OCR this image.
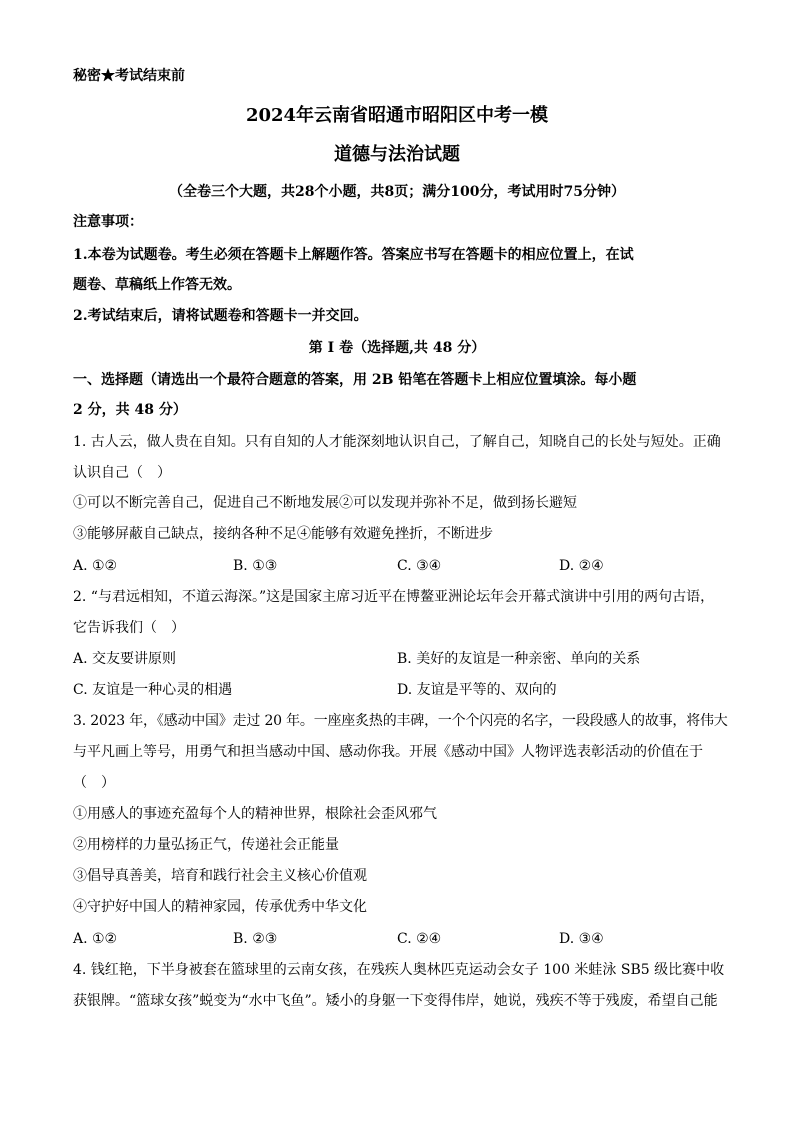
秘密★考试结束前
2024年云南省昭通市昭阳区中考一模
道德与法治试题
（全卷三个大题，共28个小题，共8页；满分100分，考试用时75分钟）
注意事项：
1.本卷为试题卷。考生必须在答题卡上解题作答。答案应书写在答题卡的相应位置上，在试
题卷、草稿纸上作答无效。
2.考试结束后，请将试题卷和答题卡一并交回。
第 I 卷（选择题,共 48 分）
一、选择题（请选出一个最符合题意的答案，用 2B 铅笔在答题卡上相应位置填涂。每小题
2 分，共 48 分）
1. 古人云，做人贵在自知。只有自知的人才能深刻地认识自己，了解自己，知晓自己的长处与短处。正确
认识自己（　）
①可以不断完善自己，促进自己不断地发展②可以发现并弥补不足，做到扬长避短
③能够屏蔽自己缺点，接纳各种不足④能够有效避免挫折，不断进步
A. ①②	B. ①③	C. ③④	D. ②④
2. “与君远相知，不道云海深。”这是国家主席习近平在博鳌亚洲论坛年会开幕式演讲中引用的两句古语，
它告诉我们（　）
A. 交友要讲原则	B. 美好的友谊是一种亲密、单向的关系
C. 友谊是一种心灵的相遇	D. 友谊是平等的、双向的
3. 2023 年，《感动中国》走过 20 年。一座座炙热的丰碑，一个个闪亮的名字，一段段感人的故事，将伟大
与平凡画上等号，用勇气和担当感动中国、感动你我。开展《感动中国》人物评选表彰活动的价值在于
（　）
①用感人的事迹充盈每个人的精神世界，根除社会歪风邪气
②用榜样的力量弘扬正气，传递社会正能量
③倡导真善美，培育和践行社会主义核心价值观
④守护好中国人的精神家园，传承优秀中华文化
A. ①②	B. ②③	C. ②④	D. ③④
4. 钱红艳，下半身被套在篮球里的云南女孩，在残疾人奥林匹克运动会女子 100 米蛙泳 SB5 级比赛中收
获银牌。“篮球女孩”蜕变为“水中飞鱼”。矮小的身躯一下变得伟岸，她说，残疾不等于残废，希望自己能
